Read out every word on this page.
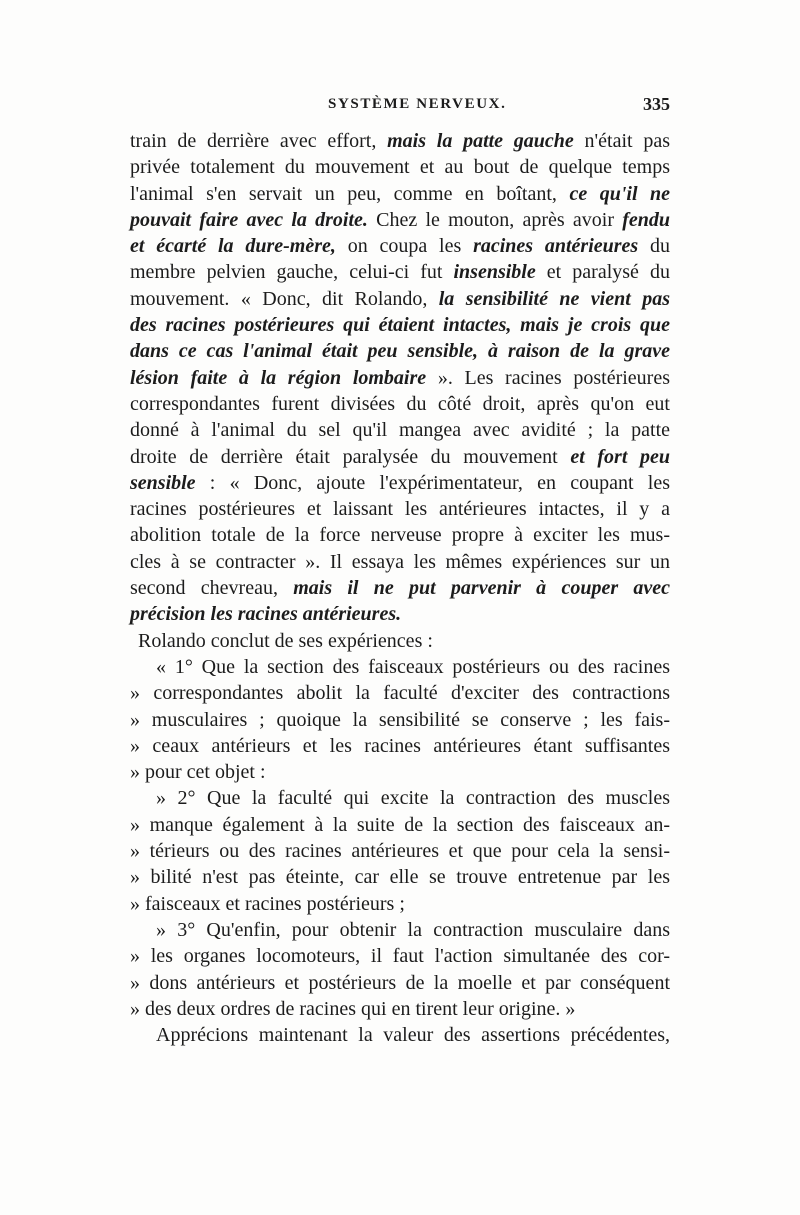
SYSTÈME NERVEUX.	335
train de derrière avec effort, mais la patte gauche n'était pas
privée totalement du mouvement et au bout de quelque temps
l'animal s'en servait un peu, comme en boîtant, ce qu'il ne
pouvait faire avec la droite. Chez le mouton, après avoir fendu
et écarté la dure-mère, on coupa les racines antérieures du
membre pelvien gauche, celui-ci fut insensible et paralysé du
mouvement. « Donc, dit Rolando, la sensibilité ne vient pas
des racines postérieures qui étaient intactes, mais je crois que
dans ce cas l'animal était peu sensible, à raison de la grave
lésion faite à la région lombaire ». Les racines postérieures
correspondantes furent divisées du côté droit, après qu'on eut
donné à l'animal du sel qu'il mangea avec avidité ; la patte
droite de derrière était paralysée du mouvement et fort peu
sensible : « Donc, ajoute l'expérimentateur, en coupant les
racines postérieures et laissant les antérieures intactes, il y a
abolition totale de la force nerveuse propre à exciter les mus-
cles à se contracter ». Il essaya les mêmes expériences sur un
second chevreau, mais il ne put parvenir à couper avec
précision les racines antérieures.
Rolando conclut de ses expériences :
« 1° Que la section des faisceaux postérieurs ou des racines
» correspondantes abolit la faculté d'exciter des contractions
» musculaires ; quoique la sensibilité se conserve ; les fais-
» ceaux antérieurs et les racines antérieures étant suffisantes
» pour cet objet :
» 2° Que la faculté qui excite la contraction des muscles
» manque également à la suite de la section des faisceaux an-
» térieurs ou des racines antérieures et que pour cela la sensi-
» bilité n'est pas éteinte, car elle se trouve entretenue par les
» faisceaux et racines postérieurs ;
» 3° Qu'enfin, pour obtenir la contraction musculaire dans
» les organes locomoteurs, il faut l'action simultanée des cor-
» dons antérieurs et postérieurs de la moelle et par conséquent
» des deux ordres de racines qui en tirent leur origine. »
Apprécions maintenant la valeur des assertions précédentes,
